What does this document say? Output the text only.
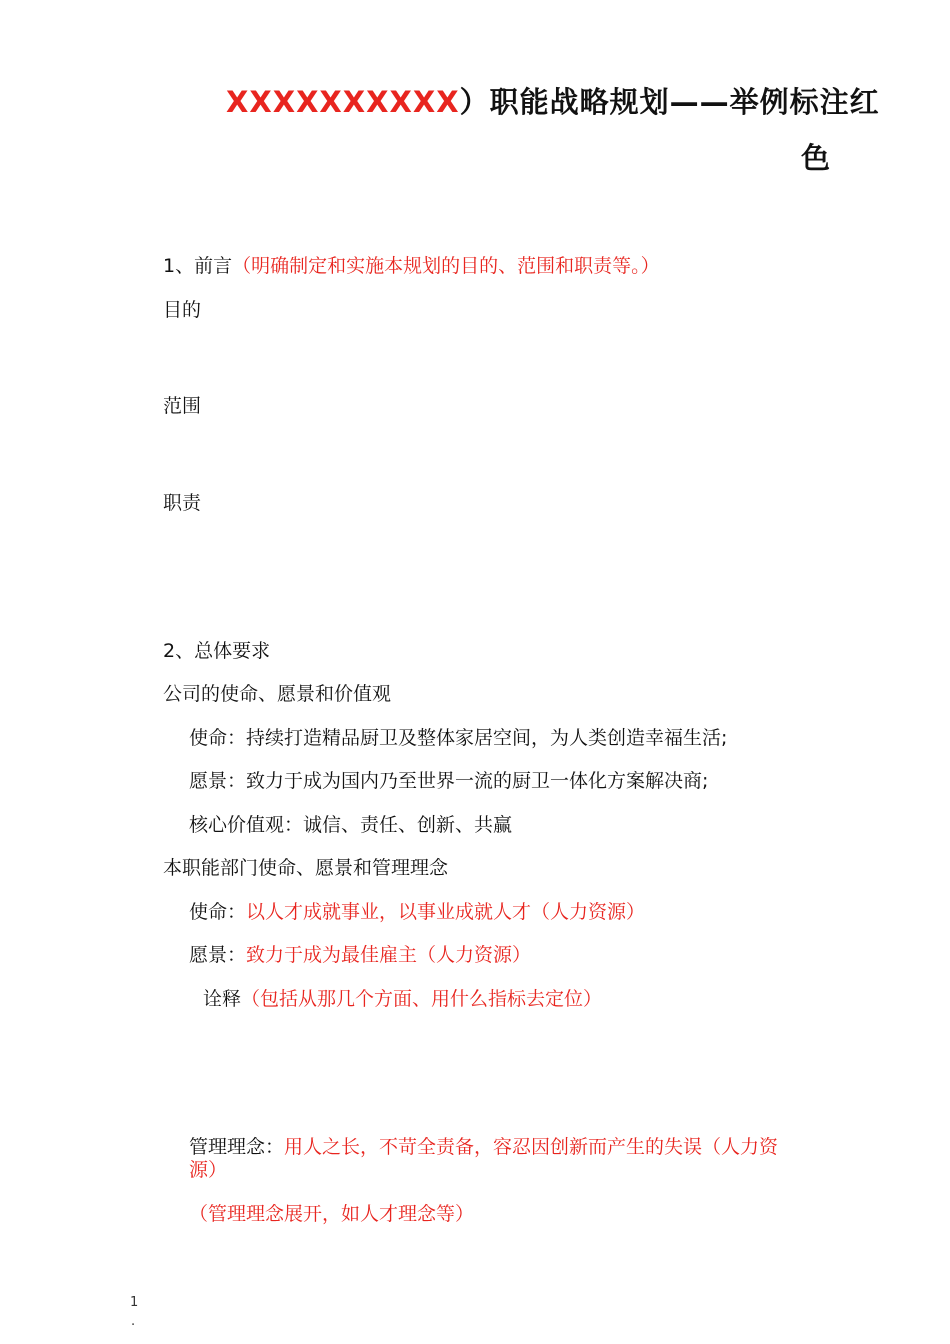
XXXXXXXXXX）职能战略规划——举例标注红
色
1、前言（明确制定和实施本规划的目的、范围和职责等。）
目的
范围
职责
2、总体要求
公司的使命、愿景和价值观
使命：持续打造精品厨卫及整体家居空间，为人类创造幸福生活;
愿景：致力于成为国内乃至世界一流的厨卫一体化方案解决商;
核心价值观：诚信、责任、创新、共赢
本职能部门使命、愿景和管理理念
使命：以人才成就事业，以事业成就人才（人力资源）
愿景：致力于成为最佳雇主（人力资源）
诠释（包括从那几个方面、用什么指标去定位）
管理理念：用人之长，不苛全责备，容忍因创新而产生的失误（人力资
源）
（管理理念展开，如人才理念等）
1
.
